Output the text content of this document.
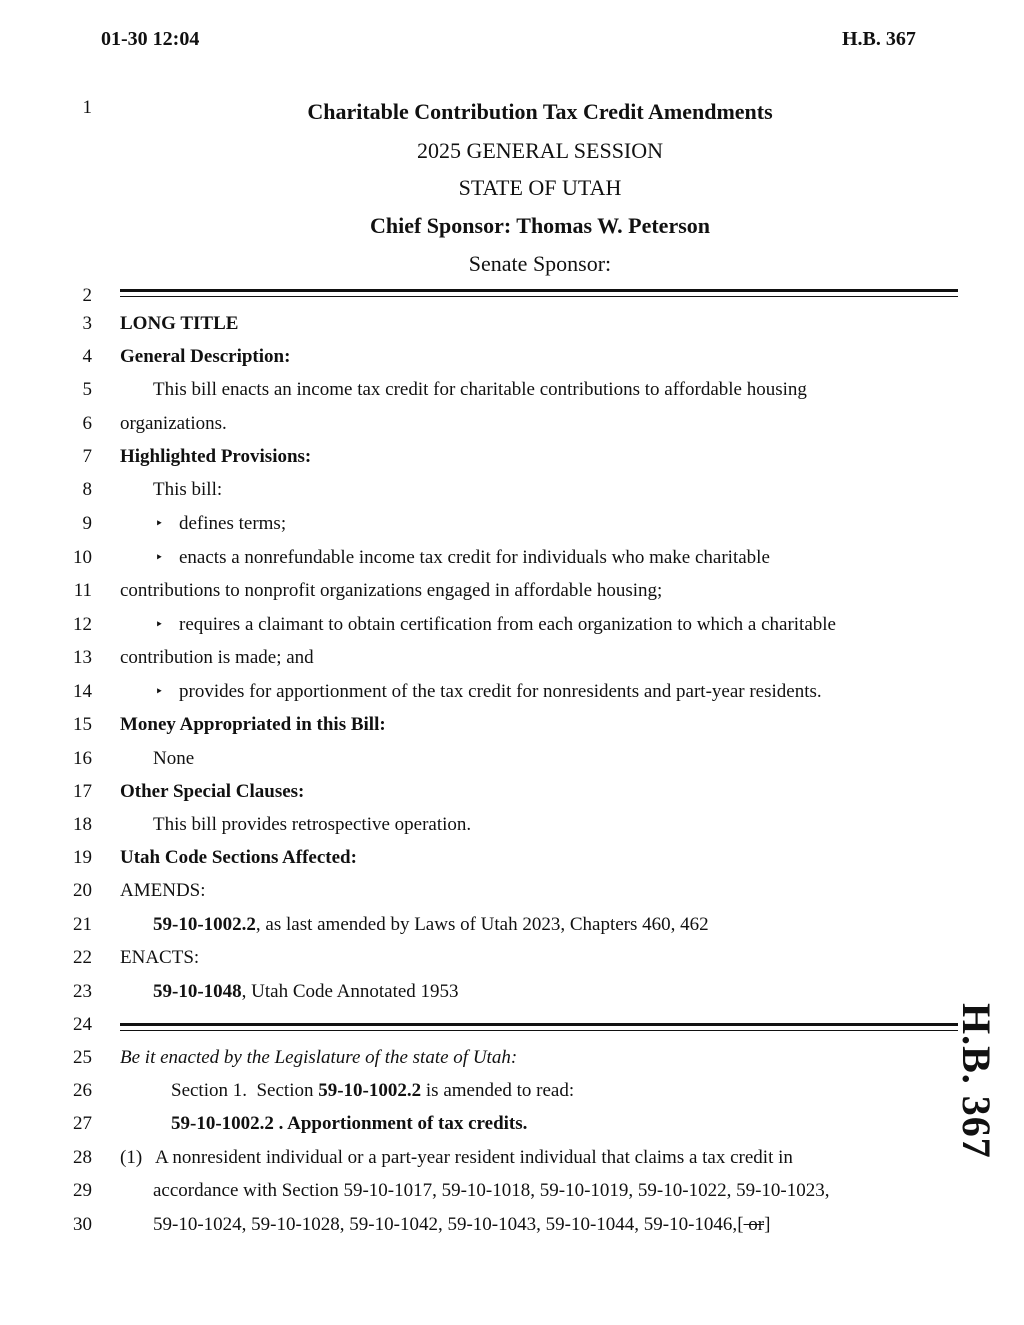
01-30 12:04	H.B. 367
H.B. 367
1
2
3
4
5
6
7
8
9
10
11
12
13
14
15
16
17
18
19
20
21
22
23
24
25
26
27
28
29
30
Charitable Contribution Tax Credit Amendments
2025 GENERAL SESSION
STATE OF UTAH
Chief Sponsor: Thomas W. Peterson
Senate Sponsor:
LONG TITLE
General Description:
This bill enacts an income tax credit for charitable contributions to affordable housing
organizations.
Highlighted Provisions:
This bill:
‣ defines terms;
‣ enacts a nonrefundable income tax credit for individuals who make charitable
contributions to nonprofit organizations engaged in affordable housing;
‣ requires a claimant to obtain certification from each organization to which a charitable
contribution is made; and
‣ provides for apportionment of the tax credit for nonresidents and part-year residents.
Money Appropriated in this Bill:
None
Other Special Clauses:
This bill provides retrospective operation.
Utah Code Sections Affected:
AMENDS:
59-10-1002.2, as last amended by Laws of Utah 2023, Chapters 460, 462
ENACTS:
59-10-1048, Utah Code Annotated 1953
Be it enacted by the Legislature of the state of Utah:
Section 1.  Section 59-10-1002.2 is amended to read:
59-10-1002.2 . Apportionment of tax credits.
(1) A nonresident individual or a part-year resident individual that claims a tax credit in
accordance with Section 59-10-1017, 59-10-1018, 59-10-1019, 59-10-1022, 59-10-1023,
59-10-1024, 59-10-1028, 59-10-1042, 59-10-1043, 59-10-1044, 59-10-1046,[ or]
